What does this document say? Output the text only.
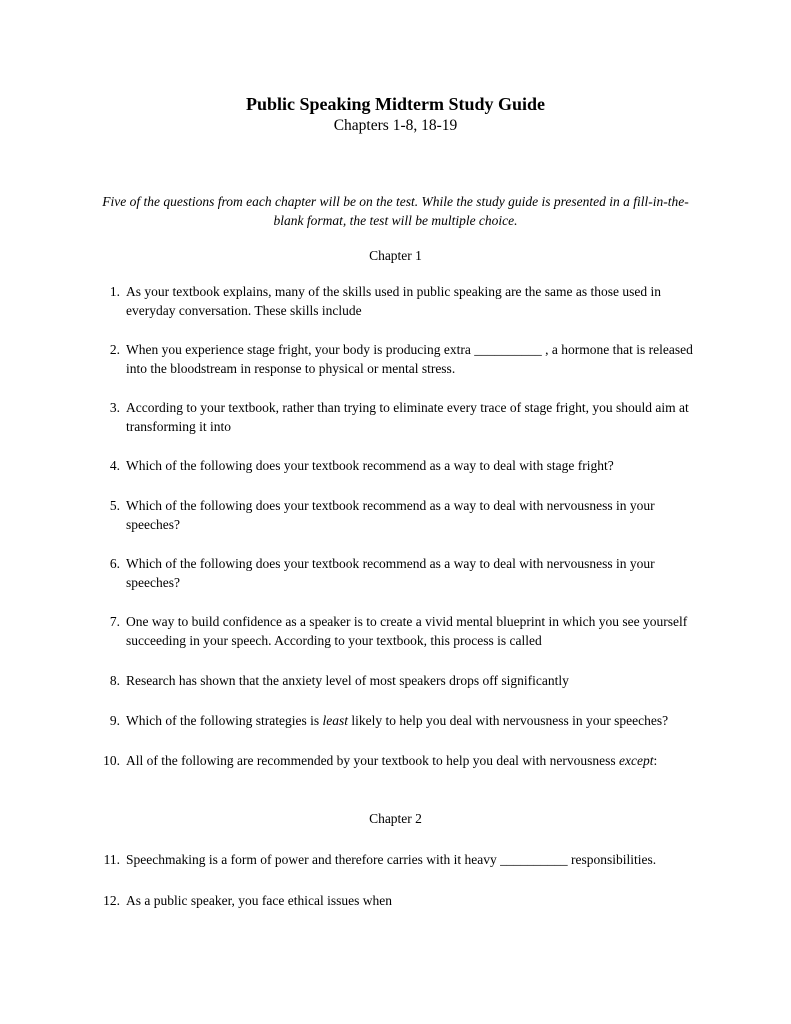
Public Speaking Midterm Study Guide
Chapters 1-8, 18-19
Five of the questions from each chapter will be on the test. While the study guide is presented in a fill-in-the-blank format, the test will be multiple choice.
Chapter 1
1. As your textbook explains, many of the skills used in public speaking are the same as those used in everyday conversation. These skills include
2. When you experience stage fright, your body is producing extra __________ , a hormone that is released into the bloodstream in response to physical or mental stress.
3. According to your textbook, rather than trying to eliminate every trace of stage fright, you should aim at transforming it into
4. Which of the following does your textbook recommend as a way to deal with stage fright?
5. Which of the following does your textbook recommend as a way to deal with nervousness in your speeches?
6. Which of the following does your textbook recommend as a way to deal with nervousness in your speeches?
7. One way to build confidence as a speaker is to create a vivid mental blueprint in which you see yourself succeeding in your speech. According to your textbook, this process is called
8. Research has shown that the anxiety level of most speakers drops off significantly
9. Which of the following strategies is least likely to help you deal with nervousness in your speeches?
10. All of the following are recommended by your textbook to help you deal with nervousness except:
Chapter 2
11. Speechmaking is a form of power and therefore carries with it heavy __________ responsibilities.
12. As a public speaker, you face ethical issues when
